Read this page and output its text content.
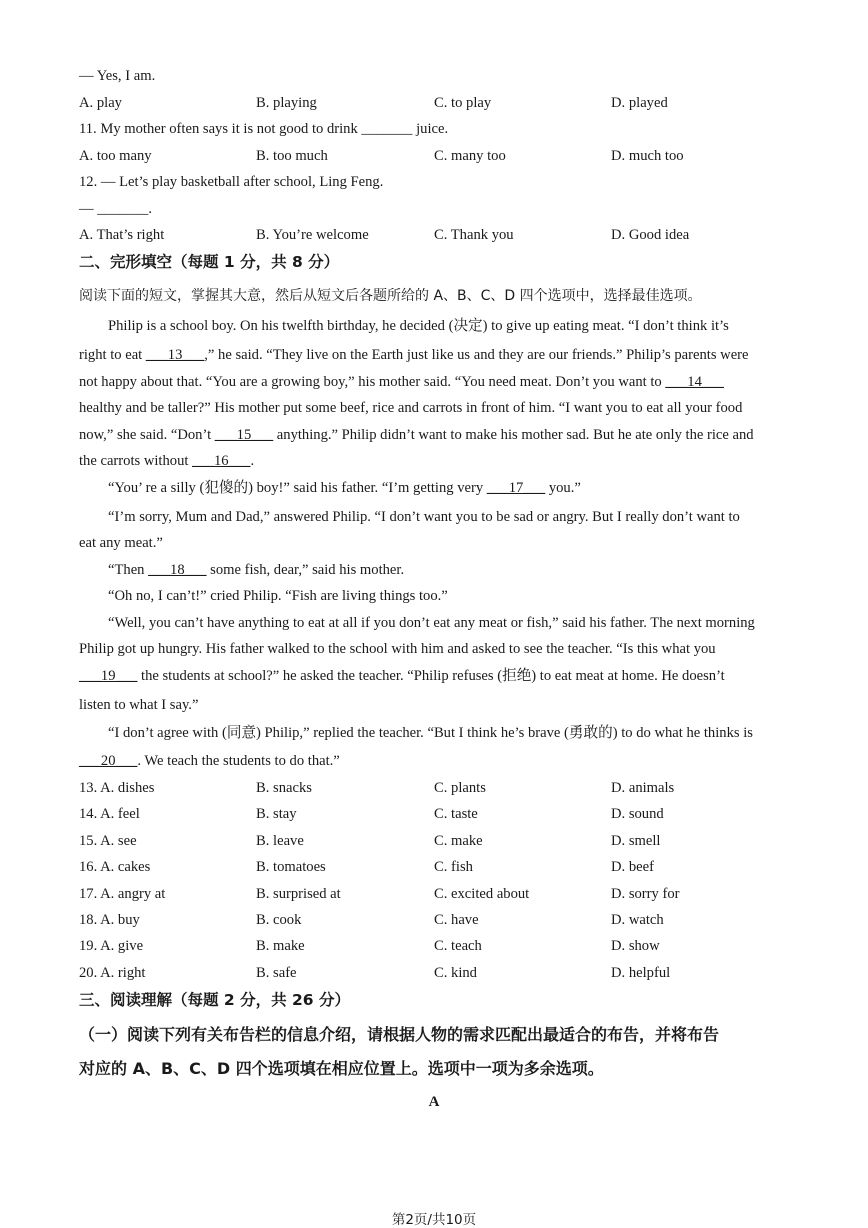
— Yes, I am.
A. play	B. playing	C. to play	D. played
11. My mother often says it is not good to drink _______ juice.
A. too many	B. too much	C. many too	D. much too
12. — Let’s play basketball after school, Ling Feng.
— _______.
A. That’s right	B. You’re welcome	C. Thank you	D. Good idea
二、完形填空（每题 1 分，共 8 分）
阅读下面的短文，掌握其大意，然后从短文后各题所给的 A、B、C、D 四个选项中，选择最佳选项。
Philip is a school boy. On his twelfth birthday, he decided (决定) to give up eating meat. “I don’t think it’s
right to eat ___13___,” he said. “They live on the Earth just like us and they are our friends.” Philip’s parents were
not happy about that. “You are a growing boy,” his mother said. “You need meat. Don’t you want to ___14___
healthy and be taller?” His mother put some beef, rice and carrots in front of him. “I want you to eat all your food
now,” she said. “Don’t ___15___ anything.” Philip didn’t want to make his mother sad. But he ate only the rice and
the carrots without ___16___.
“You’ re a silly (犯傻的) boy!” said his father. “I’m getting very ___17___ you.”
“I’m sorry, Mum and Dad,” answered Philip. “I don’t want you to be sad or angry. But I really don’t want to
eat any meat.”
“Then ___18___ some fish, dear,” said his mother.
“Oh no, I can’t!” cried Philip. “Fish are living things too.”
“Well, you can’t have anything to eat at all if you don’t eat any meat or fish,” said his father. The next morning
Philip got up hungry. His father walked to the school with him and asked to see the teacher. “Is this what you
___19___ the students at school?” he asked the teacher. “Philip refuses (拒绝) to eat meat at home. He doesn’t
listen to what I say.”
“I don’t agree with (同意) Philip,” replied the teacher. “But I think he’s brave (勇敢的) to do what he thinks is
___20___. We teach the students to do that.”
13. A. dishes	B. snacks	C. plants	D. animals
14. A. feel	B. stay	C. taste	D. sound
15. A. see	B. leave	C. make	D. smell
16. A. cakes	B. tomatoes	C. fish	D. beef
17. A. angry at	B. surprised at	C. excited about	D. sorry for
18. A. buy	B. cook	C. have	D. watch
19. A. give	B. make	C. teach	D. show
20. A. right	B. safe	C. kind	D. helpful
三、阅读理解（每题 2 分，共 26 分）
（一）阅读下列有关布告栏的信息介绍，请根据人物的需求匹配出最适合的布告，并将布告
对应的 A、B、C、D 四个选项填在相应位置上。选项中一项为多余选项。
A
第2页/共10页
